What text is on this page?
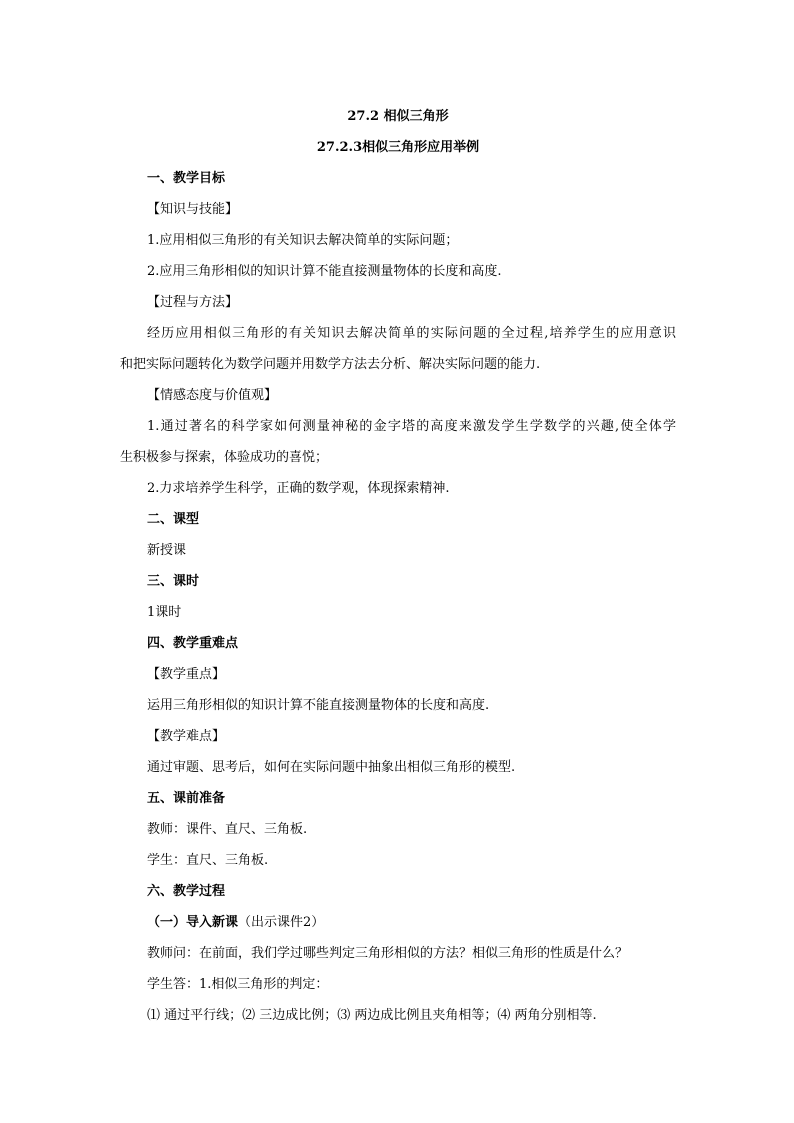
27.2 相似三角形
27.2.3相似三角形应用举例
一、教学目标
【知识与技能】
1.应用相似三角形的有关知识去解决简单的实际问题；
2.应用三角形相似的知识计算不能直接测量物体的长度和高度.
【过程与方法】
经历应用相似三角形的有关知识去解决简单的实际问题的全过程,培养学生的应用意识
和把实际问题转化为数学问题并用数学方法去分析、解决实际问题的能力.
【情感态度与价值观】
1.通过著名的科学家如何测量神秘的金字塔的高度来激发学生学数学的兴趣,使全体学
生积极参与探索，体验成功的喜悦；
2.力求培养学生科学，正确的数学观，体现探索精神.
二、课型
新授课
三、课时
1课时
四、教学重难点
【教学重点】
运用三角形相似的知识计算不能直接测量物体的长度和高度.
【教学难点】
通过审题、思考后，如何在实际问题中抽象出相似三角形的模型.
五、课前准备
教师：课件、直尺、三角板.
学生：直尺、三角板.
六、教学过程
（一）导入新课（出示课件2）
教师问：在前面，我们学过哪些判定三角形相似的方法？相似三角形的性质是什么？
学生答：1.相似三角形的判定：
⑴ 通过平行线；⑵ 三边成比例；⑶ 两边成比例且夹角相等；⑷ 两角分别相等.
